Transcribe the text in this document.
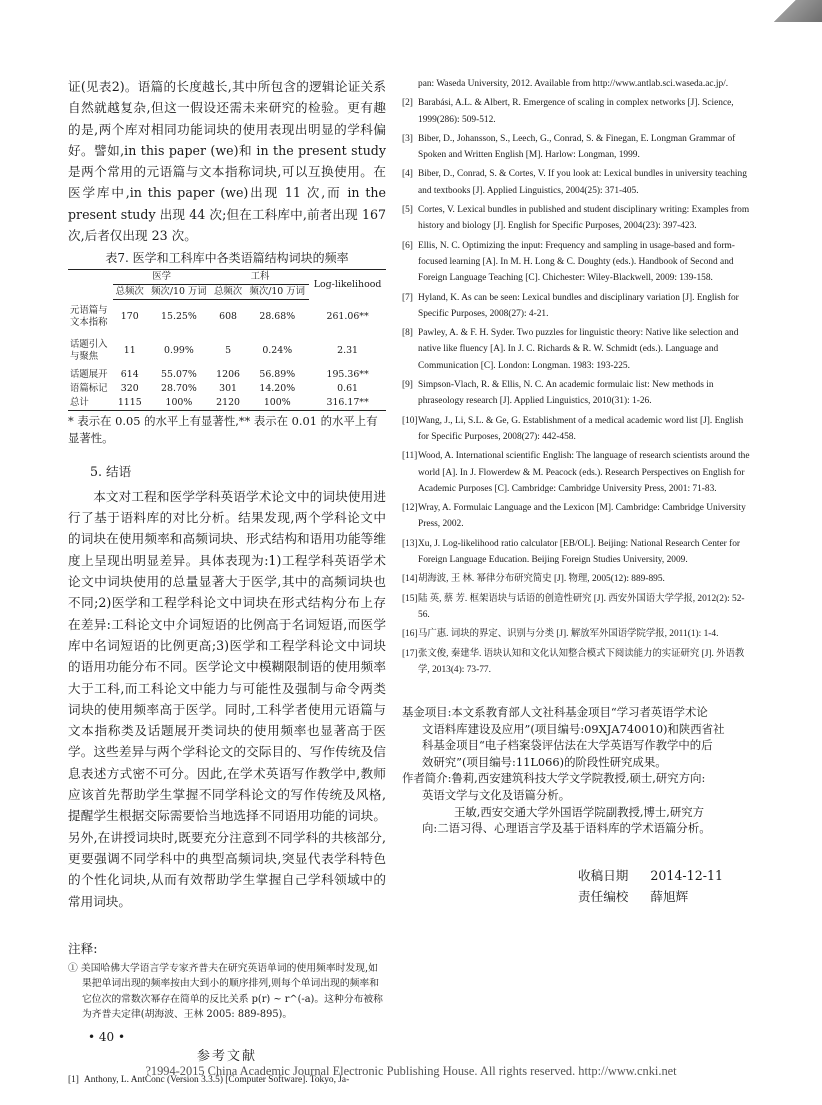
证(见表2)。语篇的长度越长,其中所包含的逻辑论证关系自然就越复杂,但这一假设还需未来研究的检验。更有趣的是,两个库对相同功能词块的使用表现出明显的学科偏好。譬如,in this paper (we)和 in the present study 是两个常用的元语篇与文本指称词块,可以互换使用。在医学库中,in this paper (we)出现 11 次,而 in the present study 出现 44 次;但在工科库中,前者出现 167 次,后者仅出现 23 次。

表7. 医学和工科库中各类语篇结构词块的频率
	医学		工科		Log-likelihood
	总频次	频次/10 万词	总频次	频次/10 万词	
元语篇与
文本指称	170	15.25%	608	28.68%	261.06**
话题引入
与聚焦	11	0.99%	5	0.24%	2.31
话题展开	614	55.07%	1206	56.89%	195.36**
语篇标记	320	28.70%	301	14.20%	0.61
总计	1115	100%	2120	100%	316.17**

* 表示在 0.05 的水平上有显著性,** 表示在 0.01 的水平上有显著性。

5. 结语

本文对工程和医学学科英语学术论文中的词块使用进行了基于语料库的对比分析。结果发现,两个学科论文中的词块在使用频率和高频词块、形式结构和语用功能等维度上呈现出明显差异。具体表现为:1)工程学科英语学术论文中词块使用的总量显著大于医学,其中的高频词块也不同;2)医学和工程学科论文中词块在形式结构分布上存在差异:工科论文中介词短语的比例高于名词短语,而医学库中名词短语的比例更高;3)医学和工程学科论文中词块的语用功能分布不同。医学论文中模糊限制语的使用频率大于工科,而工科论文中能力与可能性及强制与命令两类词块的使用频率高于医学。同时,工科学者使用元语篇与文本指称类及话题展开类词块的使用频率也显著高于医学。这些差异与两个学科论文的交际目的、写作传统及信息表述方式密不可分。因此,在学术英语写作教学中,教师应该首先帮助学生掌握不同学科论文的写作传统及风格,提醒学生根据交际需要恰当地选择不同语用功能的词块。另外,在讲授词块时,既要充分注意到不同学科的共核部分,更要强调不同学科中的典型高频词块,突显代表学科特色的个性化词块,从而有效帮助学生掌握自己学科领域中的常用词块。

注释:

① 美国哈佛大学语言学专家齐普夫在研究英语单词的使用频率时发现,如果把单词出现的频率按由大到小的顺序排列,则每个单词出现的频率和它位次的常数次幂存在简单的反比关系 p(r) ~ r^(-a)。这种分布被称为齐普夫定律(胡海波、王林 2005: 889-895)。

参考文献

[1] Anthony, L. AntConc (Version 3.3.5) [Computer Software]. Tokyo, Ja-

• 40 •

pan: Waseda University, 2012. Available from http://www.antlab.sci.waseda.ac.jp/.

[2] Barabási, A.L. & Albert, R. Emergence of scaling in complex networks [J]. Science, 1999(286): 509-512.

[3] Biber, D., Johansson, S., Leech, G., Conrad, S. & Finegan, E. Longman Grammar of Spoken and Written English [M]. Harlow: Longman, 1999.

[4] Biber, D., Conrad, S. & Cortes, V. If you look at: Lexical bundles in university teaching and textbooks [J]. Applied Linguistics, 2004(25): 371-405.

[5] Cortes, V. Lexical bundles in published and student disciplinary writing: Examples from history and biology [J]. English for Specific Purposes, 2004(23): 397-423.

[6] Ellis, N. C. Optimizing the input: Frequency and sampling in usage-based and form-focused learning [A]. In M. H. Long & C. Doughty (eds.). Handbook of Second and Foreign Language Teaching [C]. Chichester: Wiley-Blackwell, 2009: 139-158.

[7] Hyland, K. As can be seen: Lexical bundles and disciplinary variation [J]. English for Specific Purposes, 2008(27): 4-21.

[8] Pawley, A. & F. H. Syder. Two puzzles for linguistic theory: Native like selection and native like fluency [A]. In J. C. Richards & R. W. Schmidt (eds.). Language and Communication [C]. London: Longman. 1983: 193-225.

[9] Simpson-Vlach, R. & Ellis, N. C. An academic formulaic list: New methods in phraseology research [J]. Applied Linguistics, 2010(31): 1-26.

[10]Wang, J., Li, S.L. & Ge, G. Establishment of a medical academic word list [J]. English for Specific Purposes, 2008(27): 442-458.

[11]Wood, A. International scientific English: The language of research scientists around the world [A]. In J. Flowerdew & M. Peacock (eds.). Research Perspectives on English for Academic Purposes [C]. Cambridge: Cambridge University Press, 2001: 71-83.

[12]Wray, A. Formulaic Language and the Lexicon [M]. Cambridge: Cambridge University Press, 2002.

[13]Xu, J. Log-likelihood ratio calculator [EB/OL]. Beijing: National Research Center for Foreign Language Education. Beijing Foreign Studies University, 2009.

[14]胡海波, 王 林. 幂律分布研究简史 [J]. 物理, 2005(12): 889-895.

[15]陆 英, 蔡 芳. 框架语块与话语的创造性研究 [J]. 西安外国语大学学报, 2012(2): 52-56.

[16]马广惠. 词块的界定、识别与分类 [J]. 解放军外国语学院学报, 2011(1): 1-4.

[17]张文俊, 秦建华. 语块认知和文化认知整合模式下阅读能力的实证研究 [J]. 外语教学, 2013(4): 73-77.

基金项目:本文系教育部人文社科基金项目“学习者英语学术论

文语料库建设及应用”(项目编号:09XJA740010)和陕西省社

科基金项目“电子档案袋评估法在大学英语写作教学中的后

效研究”(项目编号:11L066)的阶段性研究成果。

作者简介:鲁莉,西安建筑科技大学文学院教授,硕士,研究方向:

英语文学与文化及语篇分析。

王敏,西安交通大学外国语学院副教授,博士,研究方

向:二语习得、心理语言学及基于语料库的学术语篇分析。

收稿日期 2014-12-11
责任编校 薛旭辉
?1994-2015 China Academic Journal Electronic Publishing House. All rights reserved. http://www.cnki.net
